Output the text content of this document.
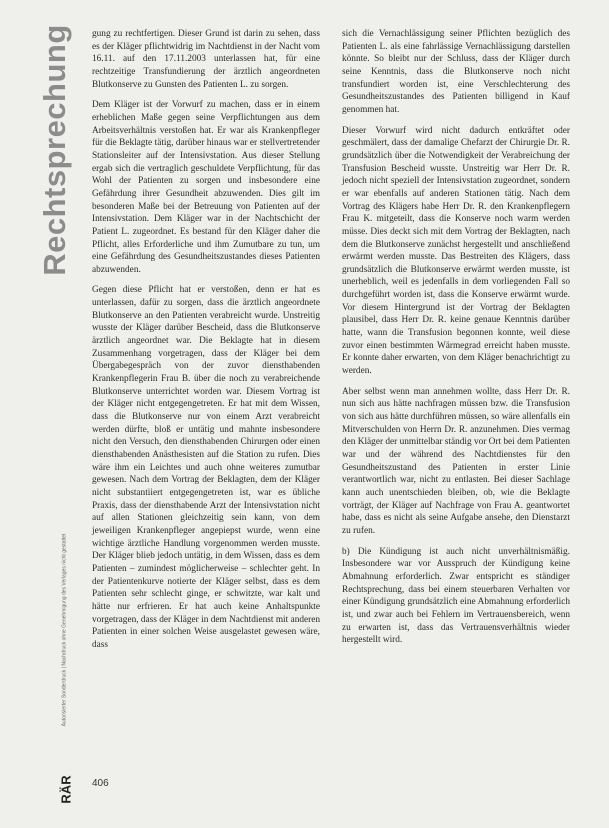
Rechtsprechung
Autorisierter Sonderdruck | Nachdruck ohne Genehmigung des Verlages nicht gestattet
RÄR 406

gung zu rechtfertigen. Dieser Grund ist darin zu sehen, dass es der Kläger pflichtwidrig im Nachtdienst in der Nacht vom 16.11. auf den 17.11.2003 unterlassen hat, für eine rechtzeitige Transfundierung der ärztlich angeordneten Blutkonserve zu Gunsten des Patienten L. zu sorgen.

Dem Kläger ist der Vorwurf zu machen, dass er in einem erheblichen Maße gegen seine Verpflichtungen aus dem Arbeitsverhältnis verstoßen hat. Er war als Krankenpfleger für die Beklagte tätig, darüber hinaus war er stellvertretender Stationsleiter auf der Intensivstation. Aus dieser Stellung ergab sich die vertraglich geschuldete Verpflichtung, für das Wohl der Patienten zu sorgen und insbesondere eine Gefährdung ihrer Gesundheit abzuwenden. Dies gilt im besonderen Maße bei der Betreuung von Patienten auf der Intensivstation. Dem Kläger war in der Nachtschicht der Patient L. zugeordnet. Es bestand für den Kläger daher die Pflicht, alles Erforderliche und ihm Zumutbare zu tun, um eine Gefährdung des Gesundheitszustandes dieses Patienten abzuwenden.

Gegen diese Pflicht hat er verstoßen, denn er hat es unterlassen, dafür zu sorgen, dass die ärztlich angeordnete Blutkonserve an den Patienten verabreicht wurde. Unstreitig wusste der Kläger darüber Bescheid, dass die Blutkonserve ärztlich angeordnet war. Die Beklagte hat in diesem Zusammenhang vorgetragen, dass der Kläger bei dem Übergabegespräch von der zuvor diensthabenden Krankenpflegerin Frau B. über die noch zu verabreichende Blutkonserve unterrichtet worden war. Diesem Vortrag ist der Kläger nicht entgegengetreten. Er hat mit dem Wissen, dass die Blutkonserve nur von einem Arzt verabreicht werden dürfte, bloß er untätig und mahnte insbesondere nicht den Versuch, den diensthabenden Chirurgen oder einen diensthabenden Anästhesisten auf die Station zu rufen. Dies wäre ihm ein Leichtes und auch ohne weiteres zumutbar gewesen. Nach dem Vortrag der Beklagten, dem der Kläger nicht substantiiert entgegengetreten ist, war es übliche Praxis, dass der diensthabende Arzt der Intensivstation nicht auf allen Stationen gleichzeitig sein kann, von dem jeweiligen Krankenpfleger angepiepst wurde, wenn eine wichtige ärztliche Handlung vorgenommen werden musste. Der Kläger blieb jedoch untätig, in dem Wissen, dass es dem Patienten – zumindest möglicherweise – schlechter geht. In der Patientenkurve notierte der Kläger selbst, dass es dem Patienten sehr schlecht ginge, er schwitzte, war kalt und hätte nur erfrieren. Er hat auch keine Anhaltspunkte vorgetragen, dass der Kläger in dem Nachtdienst mit anderen Patienten in einer solchen Weise ausgelastet gewesen wäre, dass

sich die Vernachlässigung seiner Pflichten bezüglich des Patienten L. als eine fahrlässige Vernachlässigung darstellen könnte. So bleibt nur der Schluss, dass der Kläger durch seine Kenntnis, dass die Blutkonserve noch nicht transfundiert worden ist, eine Verschlechterung des Gesundheitszustandes des Patienten billigend in Kauf genommen hat.

Dieser Vorwurf wird nicht dadurch entkräftet oder geschmälert, dass der damalige Chefarzt der Chirurgie Dr. R. grundsätzlich über die Notwendigkeit der Verabreichung der Transfusion Bescheid wusste. Unstreitig war Herr Dr. R. jedoch nicht speziell der Intensivstation zugeordnet, sondern er war ebenfalls auf anderen Stationen tätig. Nach dem Vortrag des Klägers habe Herr Dr. R. den Krankenpflegern Frau K. mitgeteilt, dass die Konserve noch warm werden müsse. Dies deckt sich mit dem Vortrag der Beklagten, nach dem die Blutkonserve zunächst hergestellt und anschließend erwärmt werden musste. Das Bestreiten des Klägers, dass grundsätzlich die Blutkonserve erwärmt werden musste, ist unerheblich, weil es jedenfalls in dem vorliegenden Fall so durchgeführt worden ist, dass die Konserve erwärmt wurde. Vor diesem Hintergrund ist der Vortrag der Beklagten plausibel, dass Herr Dr. R. keine genaue Kenntnis darüber hatte, wann die Transfusion begonnen konnte, weil diese zuvor einen bestimmten Wärmegrad erreicht haben musste. Er konnte daher erwarten, von dem Kläger benachrichtigt zu werden.

Aber selbst wenn man annehmen wollte, dass Herr Dr. R. nun sich aus hätte nachfragen müssen bzw. die Transfusion von sich aus hätte durchführen müssen, so wäre allenfalls ein Mitverschulden von Herrn Dr. R. anzunehmen. Dies vermag den Kläger der unmittelbar ständig vor Ort bei dem Patienten war und der während des Nachtdienstes für den Gesundheitszustand des Patienten in erster Linie verantwortlich war, nicht zu entlasten. Bei dieser Sachlage kann auch unentschieden bleiben, ob, wie die Beklagte vorträgt, der Kläger auf Nachfrage von Frau A. geantwortet habe, dass es nicht als seine Aufgabe ansehe, den Dienstarzt zu rufen.

b) Die Kündigung ist auch nicht unverhältnismäßig. Insbesondere war vor Ausspruch der Kündigung keine Abmahnung erforderlich. Zwar entspricht es ständiger Rechtsprechung, dass bei einem steuerbaren Verhalten vor einer Kündigung grundsätzlich eine Abmahnung erforderlich ist, und zwar auch bei Fehlern im Vertrauensbereich, wenn zu erwarten ist, dass das Vertrauensverhältnis wieder hergestellt wird.
